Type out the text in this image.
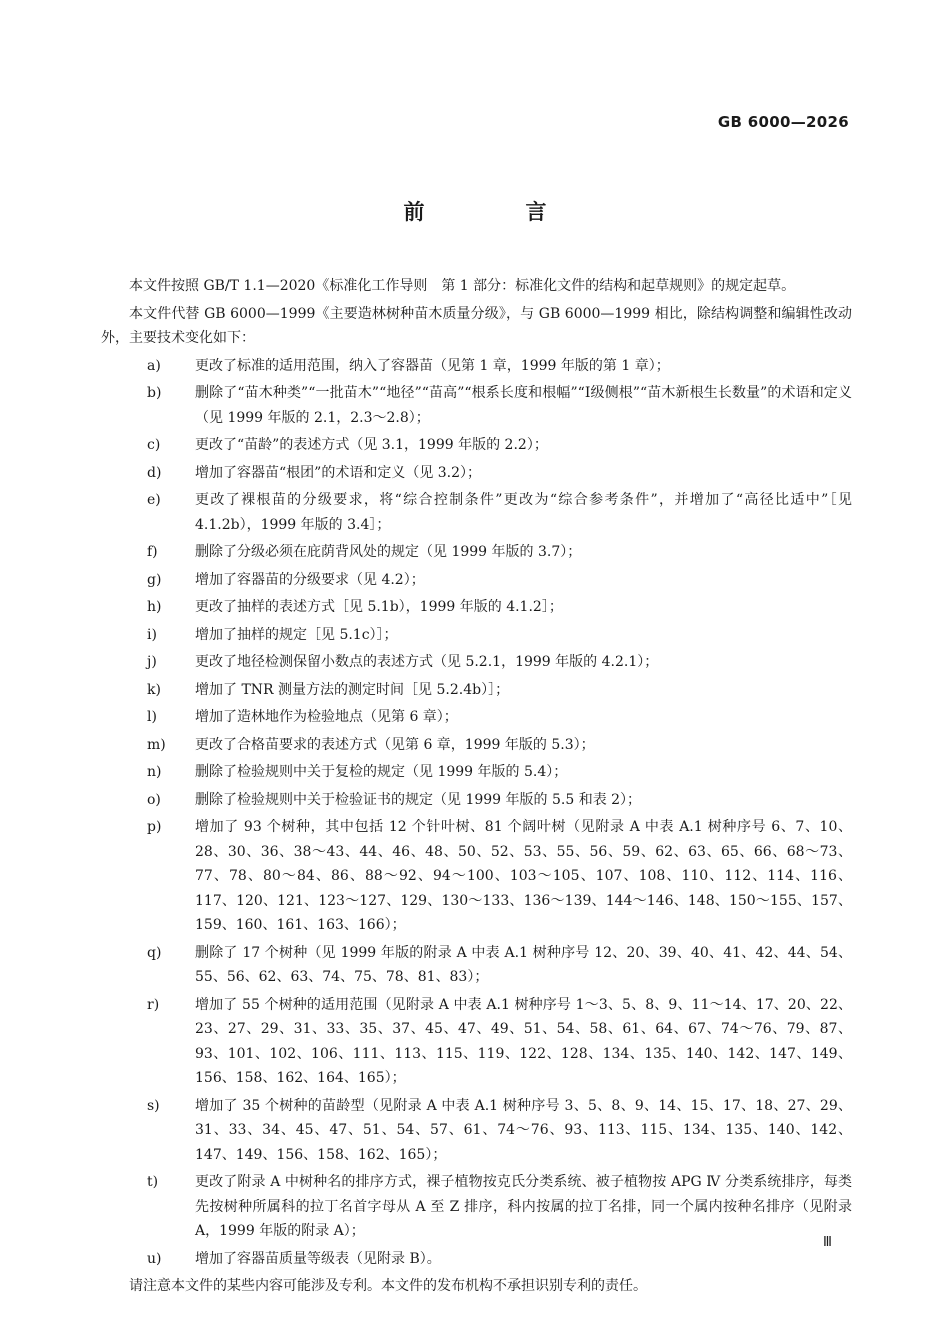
GB 6000—2026
前　言

本文件按照 GB/T 1.1—2020《标准化工作导则　第 1 部分：标准化文件的结构和起草规则》的规定起草。

本文件代替 GB 6000—1999《主要造林树种苗木质量分级》，与 GB 6000—1999 相比，除结构调整和编辑性改动外，主要技术变化如下：

a)	更改了标准的适用范围，纳入了容器苗（见第 1 章，1999 年版的第 1 章）；
b)	删除了“苗木种类”“一批苗木”“地径”“苗高”“根系长度和根幅”“Ⅰ级侧根”“苗木新根生长数量”的术语和定义（见 1999 年版的 2.1，2.3～2.8）；
c)	更改了“苗龄”的表述方式（见 3.1，1999 年版的 2.2）；
d)	增加了容器苗“根团”的术语和定义（见 3.2）；
e)	更改了裸根苗的分级要求，将“综合控制条件”更改为“综合参考条件”，并增加了“高径比适中”［见 4.1.2b），1999 年版的 3.4］；
f)	删除了分级必须在庇荫背风处的规定（见 1999 年版的 3.7）；
g)	增加了容器苗的分级要求（见 4.2）；
h)	更改了抽样的表述方式［见 5.1b），1999 年版的 4.1.2］；
i)	增加了抽样的规定［见 5.1c）］；
j)	更改了地径检测保留小数点的表述方式（见 5.2.1，1999 年版的 4.2.1）；
k)	增加了 TNR 测量方法的测定时间［见 5.2.4b）］；
l)	增加了造林地作为检验地点（见第 6 章）；
m)	更改了合格苗要求的表述方式（见第 6 章，1999 年版的 5.3）；
n)	删除了检验规则中关于复检的规定（见 1999 年版的 5.4）；
o)	删除了检验规则中关于检验证书的规定（见 1999 年版的 5.5 和表 2）；
p)	增加了 93 个树种，其中包括 12 个针叶树、81 个阔叶树（见附录 A 中表 A.1 树种序号 6、7、10、28、30、36、38～43、44、46、48、50、52、53、55、56、59、62、63、65、66、68～73、77、78、80～84、86、88～92、94～100、103～105、107、108、110、112、114、116、117、120、121、123～127、129、130～133、136～139、144～146、148、150～155、157、159、160、161、163、166）；
q)	删除了 17 个树种（见 1999 年版的附录 A 中表 A.1 树种序号 12、20、39、40、41、42、44、54、55、56、62、63、74、75、78、81、83）；
r)	增加了 55 个树种的适用范围（见附录 A 中表 A.1 树种序号 1～3、5、8、9、11～14、17、20、22、23、27、29、31、33、35、37、45、47、49、51、54、58、61、64、67、74～76、79、87、93、101、102、106、111、113、115、119、122、128、134、135、140、142、147、149、156、158、162、164、165）；
s)	增加了 35 个树种的苗龄型（见附录 A 中表 A.1 树种序号 3、5、8、9、14、15、17、18、27、29、31、33、34、45、47、51、54、57、61、74～76、93、113、115、134、135、140、142、147、149、156、158、162、165）；
t)	更改了附录 A 中树种名的排序方式，裸子植物按克氏分类系统、被子植物按 APG Ⅳ 分类系统排序，每类先按树种所属科的拉丁名首字母从 A 至 Z 排序，科内按属的拉丁名排，同一个属内按种名排序（见附录 A，1999 年版的附录 A）；
u)	增加了容器苗质量等级表（见附录 B）。

请注意本文件的某些内容可能涉及专利。本文件的发布机构不承担识别专利的责任。

Ⅲ
